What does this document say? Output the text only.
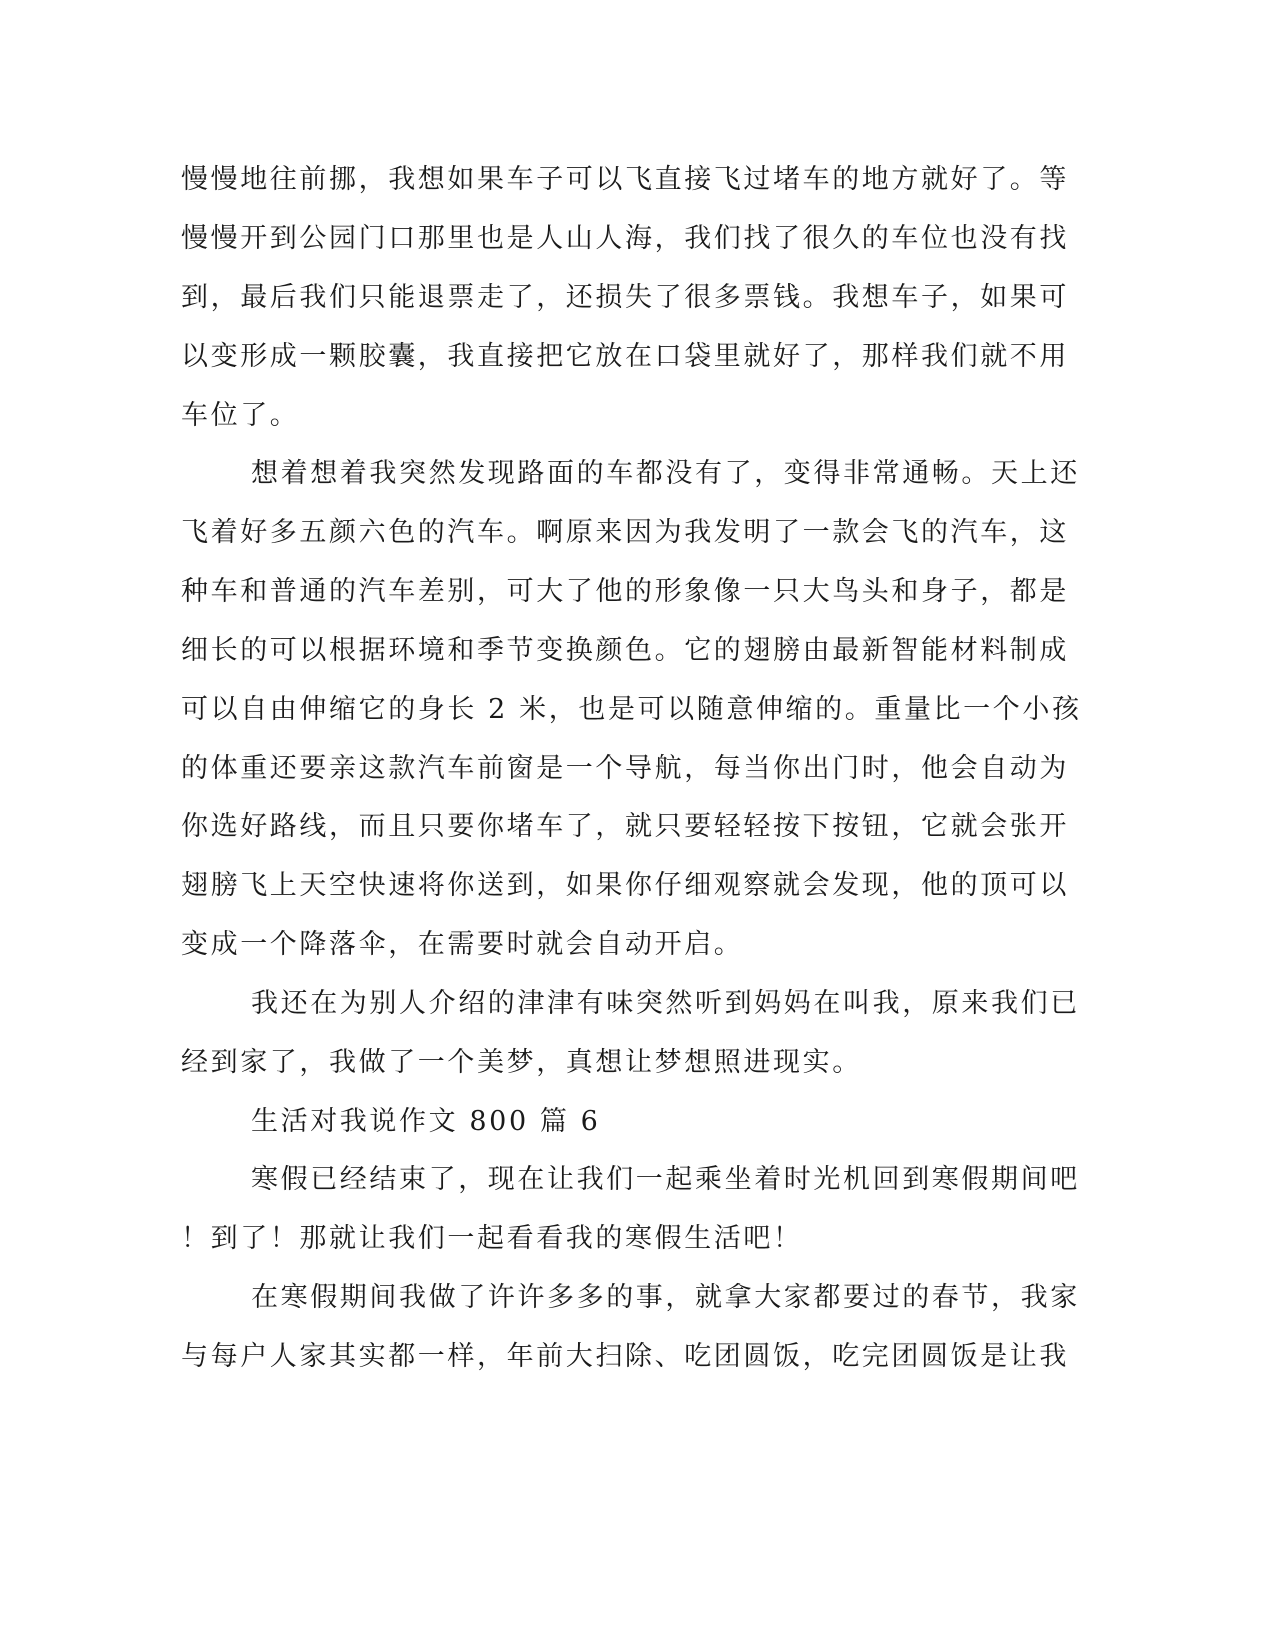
慢慢地往前挪，我想如果车子可以飞直接飞过堵车的地方就好了。等
慢慢开到公园门口那里也是人山人海，我们找了很久的车位也没有找
到，最后我们只能退票走了，还损失了很多票钱。我想车子，如果可
以变形成一颗胶囊，我直接把它放在口袋里就好了，那样我们就不用
车位了。
想着想着我突然发现路面的车都没有了，变得非常通畅。天上还
飞着好多五颜六色的汽车。啊原来因为我发明了一款会飞的汽车，这
种车和普通的汽车差别，可大了他的形象像一只大鸟头和身子，都是
细长的可以根据环境和季节变换颜色。它的翅膀由最新智能材料制成
可以自由伸缩它的身长 2 米，也是可以随意伸缩的。重量比一个小孩
的体重还要亲这款汽车前窗是一个导航，每当你出门时，他会自动为
你选好路线，而且只要你堵车了，就只要轻轻按下按钮，它就会张开
翅膀飞上天空快速将你送到，如果你仔细观察就会发现，他的顶可以
变成一个降落伞，在需要时就会自动开启。
我还在为别人介绍的津津有味突然听到妈妈在叫我，原来我们已
经到家了，我做了一个美梦，真想让梦想照进现实。
生活对我说作文 800 篇 6
寒假已经结束了，现在让我们一起乘坐着时光机回到寒假期间吧
！到了！那就让我们一起看看我的寒假生活吧！
在寒假期间我做了许许多多的事，就拿大家都要过的春节，我家
与每户人家其实都一样，年前大扫除、吃团圆饭，吃完团圆饭是让我
